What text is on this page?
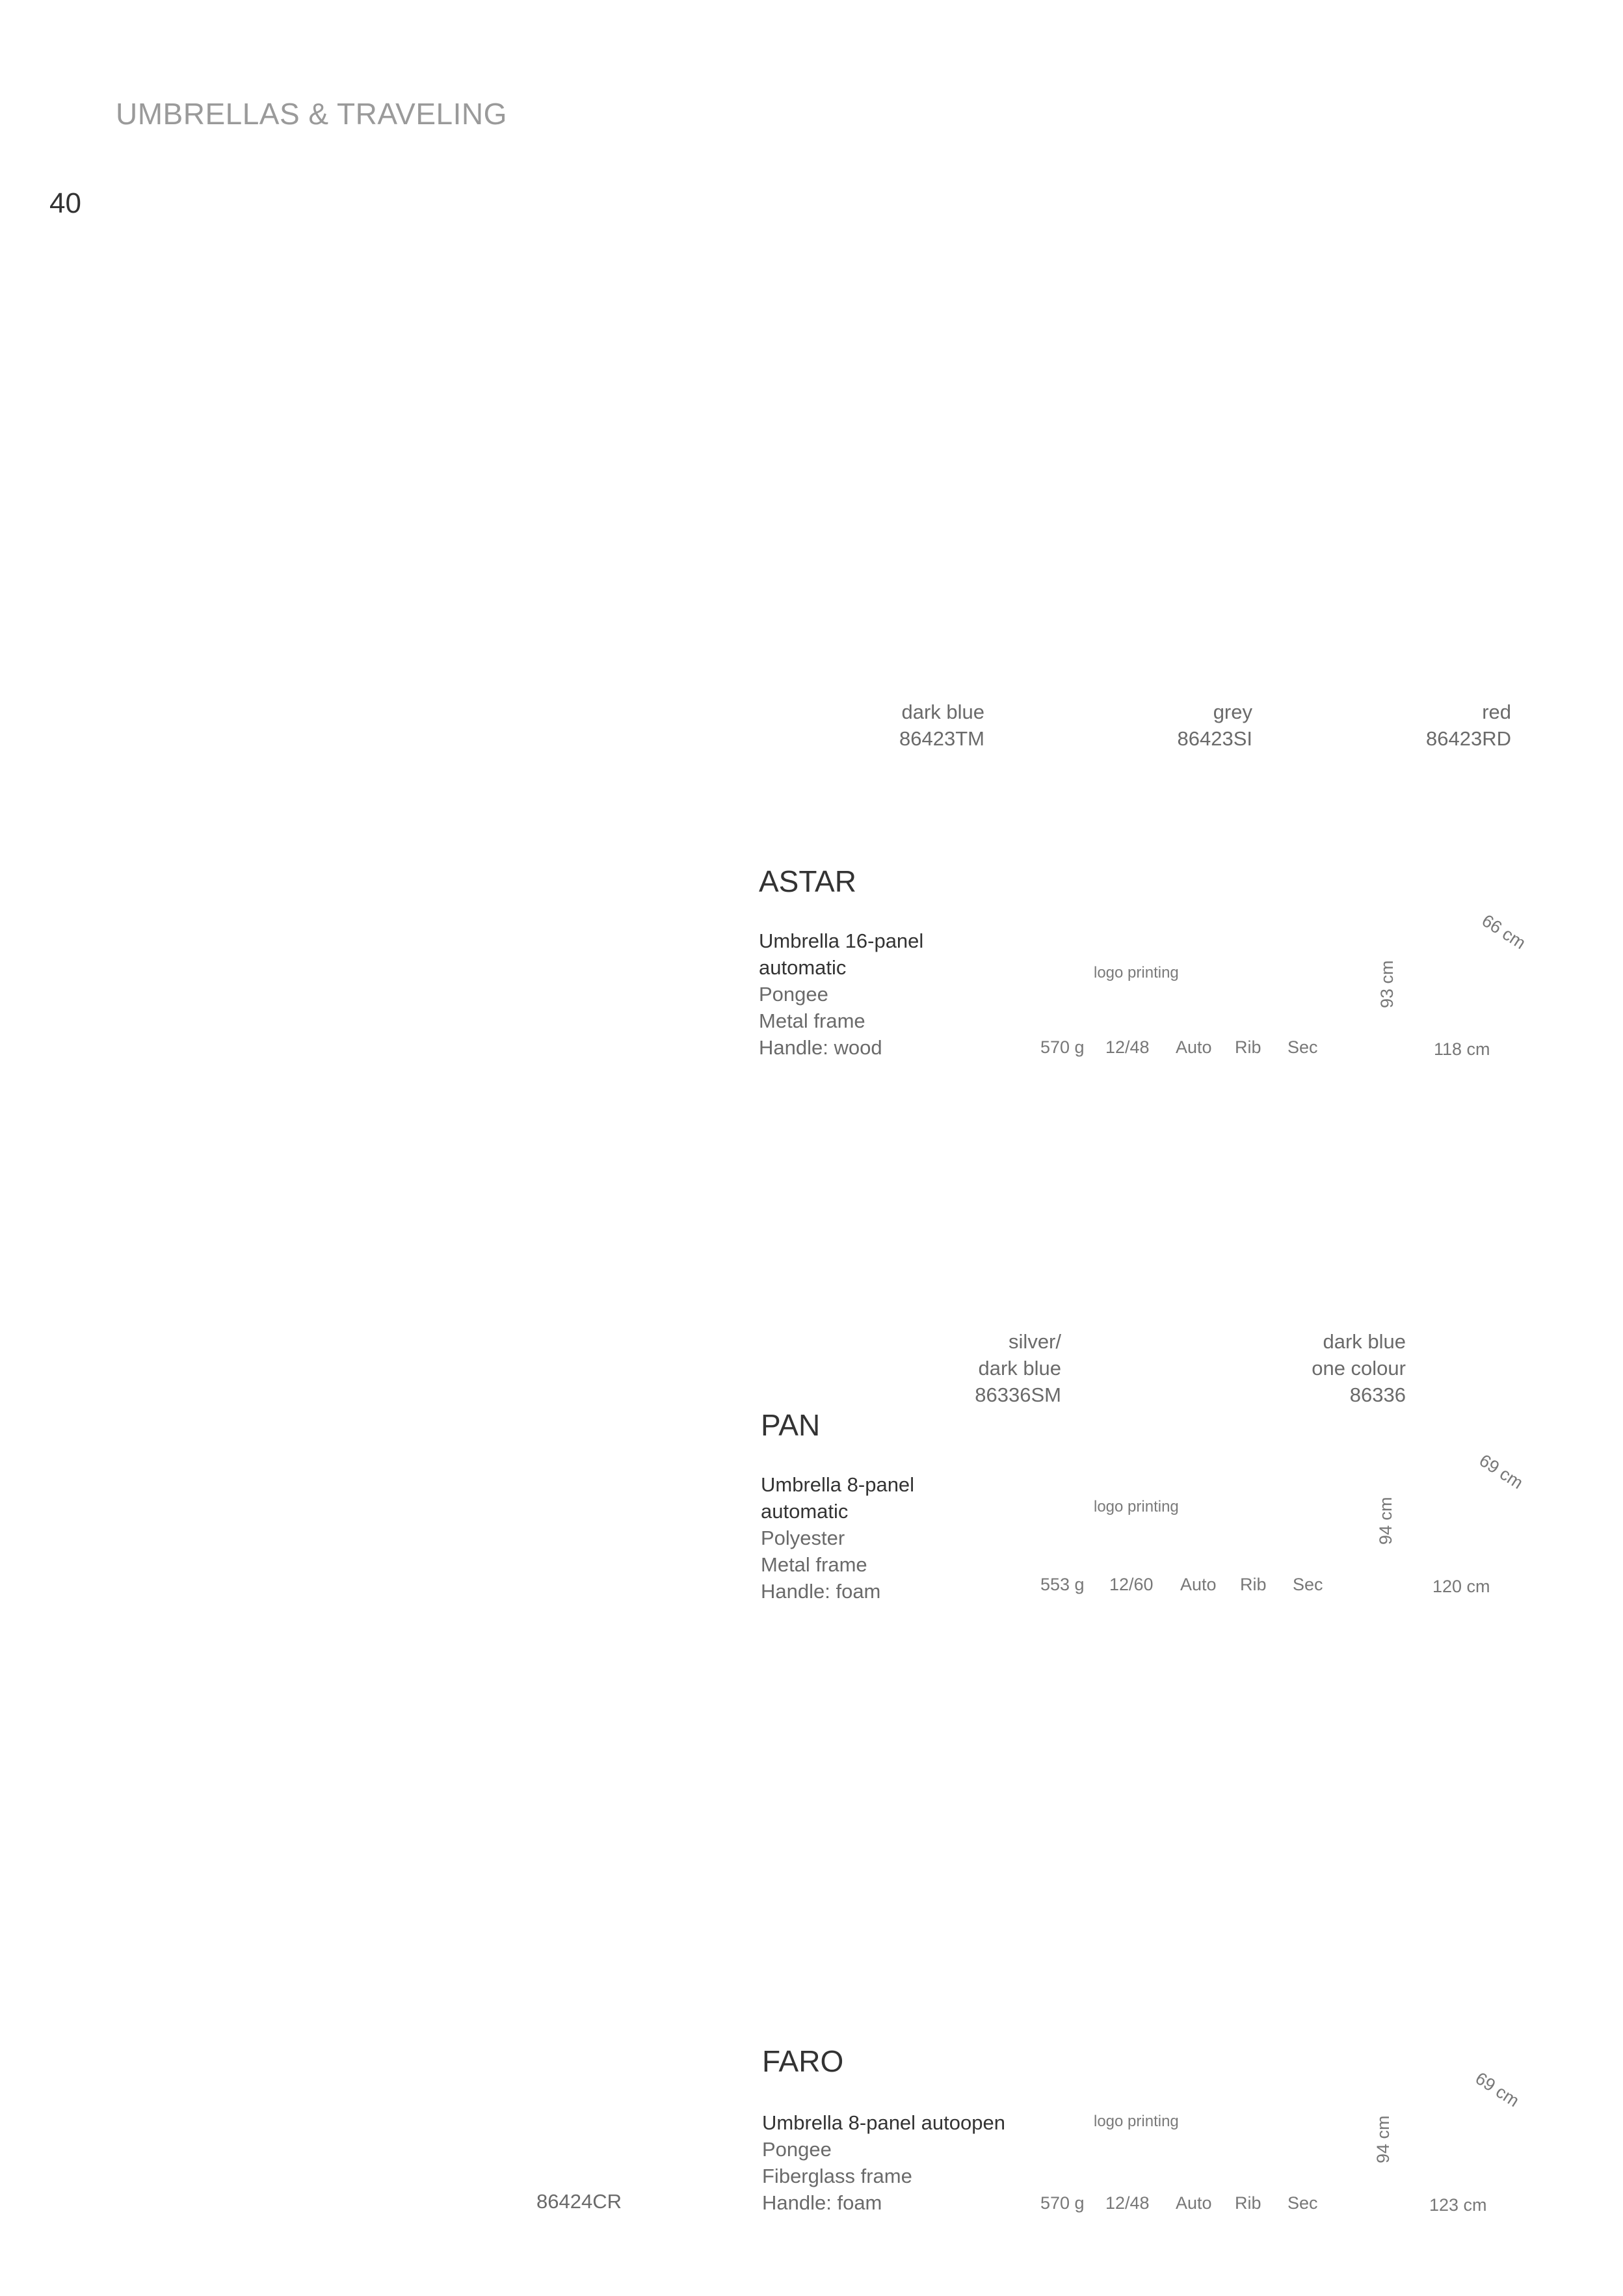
UMBRELLAS & TRAVELING
40
dark blue
86423TM
grey
86423SI
red
86423RD
ASTAR
Umbrella 16-panel
automatic
Pongee
Metal frame
Handle: wood
logo printing
570 g 12/48 Auto Rib Sec
66 cm
93 cm
118 cm
silver/
dark blue
86336SM
dark blue
one colour
86336
PAN
Umbrella 8-panel
automatic
Polyester
Metal frame
Handle: foam
logo printing
553 g 12/60 Auto Rib Sec
69 cm
94 cm
120 cm
FARO
Umbrella 8-panel autoopen
Pongee
Fiberglass frame
Handle: foam
86424CR
logo printing
570 g 12/48 Auto Rib Sec
69 cm
94 cm
123 cm
